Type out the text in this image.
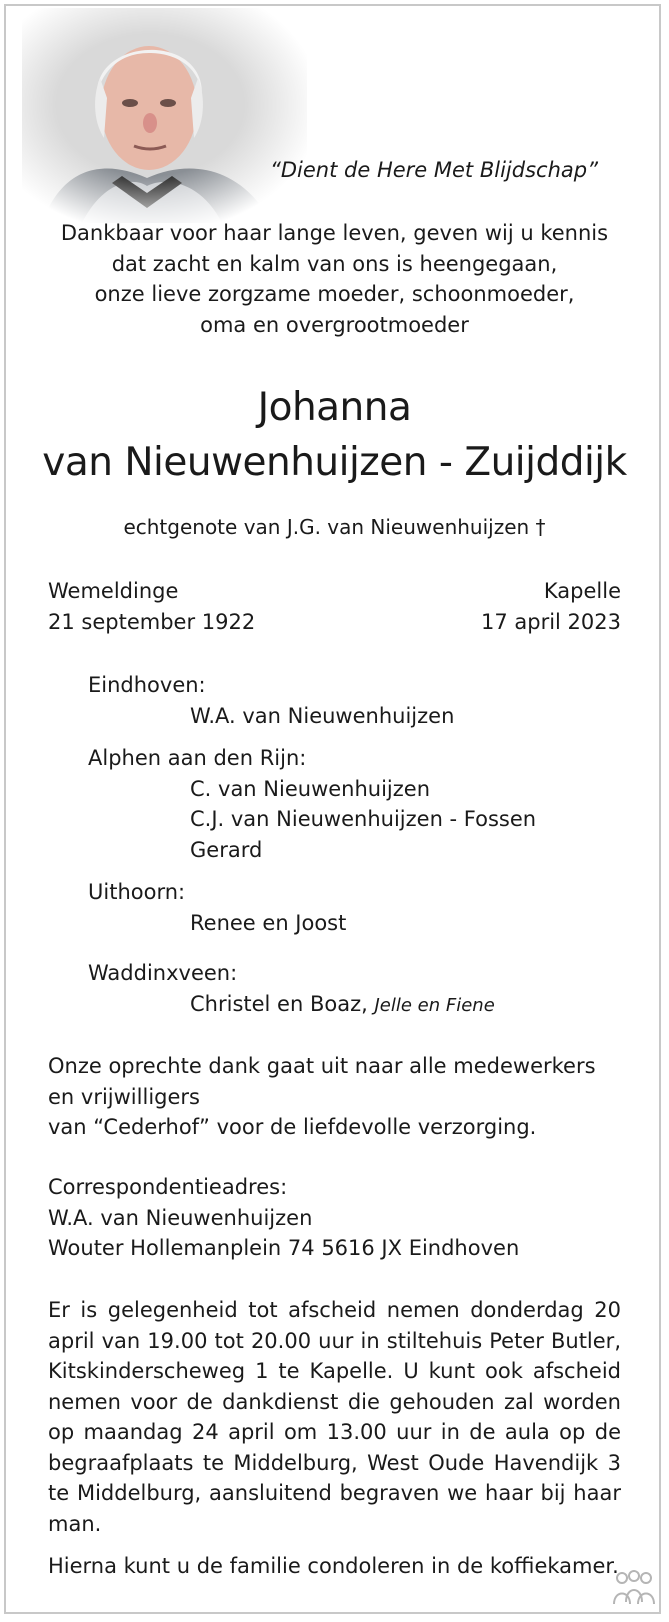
“Dient de Here Met Blijdschap”
Dankbaar voor haar lange leven, geven wij u kennis
dat zacht en kalm van ons is heengegaan,
onze lieve zorgzame moeder, schoonmoeder,
oma en overgrootmoeder
Johanna
van Nieuwenhuijzen - Zuijddijk
echtgenote van J.G. van Nieuwenhuijzen †
Wemeldinge
21 september 1922
Kapelle
17 april 2023
Eindhoven:
W.A. van Nieuwenhuijzen
Alphen aan den Rijn:
C. van Nieuwenhuijzen
C.J. van Nieuwenhuijzen - Fossen
Gerard
Uithoorn:
Renee en Joost
Waddinxveen:
Christel en Boaz, Jelle en Fiene
Onze oprechte dank gaat uit naar alle medewerkers
en vrijwilligers
van “Cederhof” voor de liefdevolle verzorging.
Correspondentieadres:
W.A. van Nieuwenhuijzen
Wouter Hollemanplein 74 5616 JX Eindhoven
Er is gelegenheid tot afscheid nemen donderdag 20 april van 19.00 tot 20.00 uur in stiltehuis Peter Butler, Kitskinderscheweg 1 te Kapelle. U kunt ook afscheid nemen voor de dankdienst die gehouden zal worden op maandag 24 april om 13.00 uur in de aula op de begraafplaats te Middelburg, West Oude Havendijk 3 te Middelburg, aansluitend begraven we haar bij haar man.
Hierna kunt u de familie condoleren in de koffiekamer.
